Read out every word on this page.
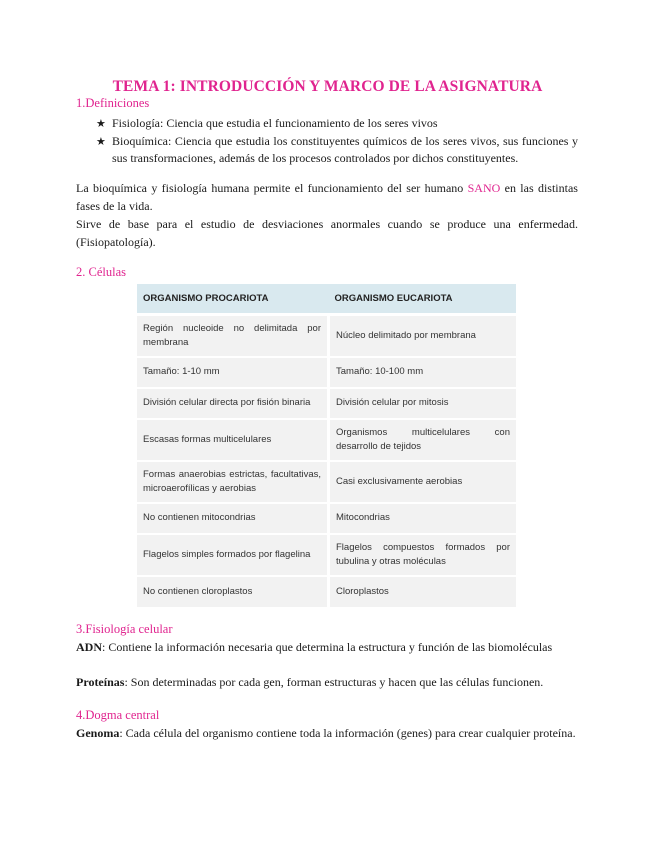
TEMA 1: INTRODUCCIÓN Y MARCO DE LA ASIGNATURA
1.Definiciones
★ Fisiología: Ciencia que estudia el funcionamiento de los seres vivos
★ Bioquímica: Ciencia que estudia los constituyentes químicos de los seres vivos, sus funciones y sus transformaciones, además de los procesos controlados por dichos constituyentes.

La bioquímica y fisiología humana permite el funcionamiento del ser humano SANO en las distintas fases de la vida.

Sirve de base para el estudio de desviaciones anormales cuando se produce una enfermedad. (Fisiopatología).

2. Células
ORGANISMO PROCARIOTA	ORGANISMO EUCARIOTA
Región nucleoide no delimitada por membrana	Núcleo delimitado por membrana
Tamaño: 1-10 mm	Tamaño: 10-100 mm
División celular directa por fisión binaria	División celular por mitosis
Escasas formas multicelulares	Organismos multicelulares con desarrollo de tejidos
Formas anaerobias estrictas, facultativas, microaerofílicas y aerobias	Casi exclusivamente aerobias
No contienen mitocondrias	Mitocondrias
Flagelos simples formados por flagelina	Flagelos compuestos formados por tubulina y otras moléculas
No contienen cloroplastos	Cloroplastos
3.Fisiología celular

ADN: Contiene la información necesaria que determina la estructura y función de las biomoléculas

Proteínas: Son determinadas por cada gen, forman estructuras y hacen que las células funcionen.

4.Dogma central

Genoma: Cada célula del organismo contiene toda la información (genes) para crear cualquier proteína.
